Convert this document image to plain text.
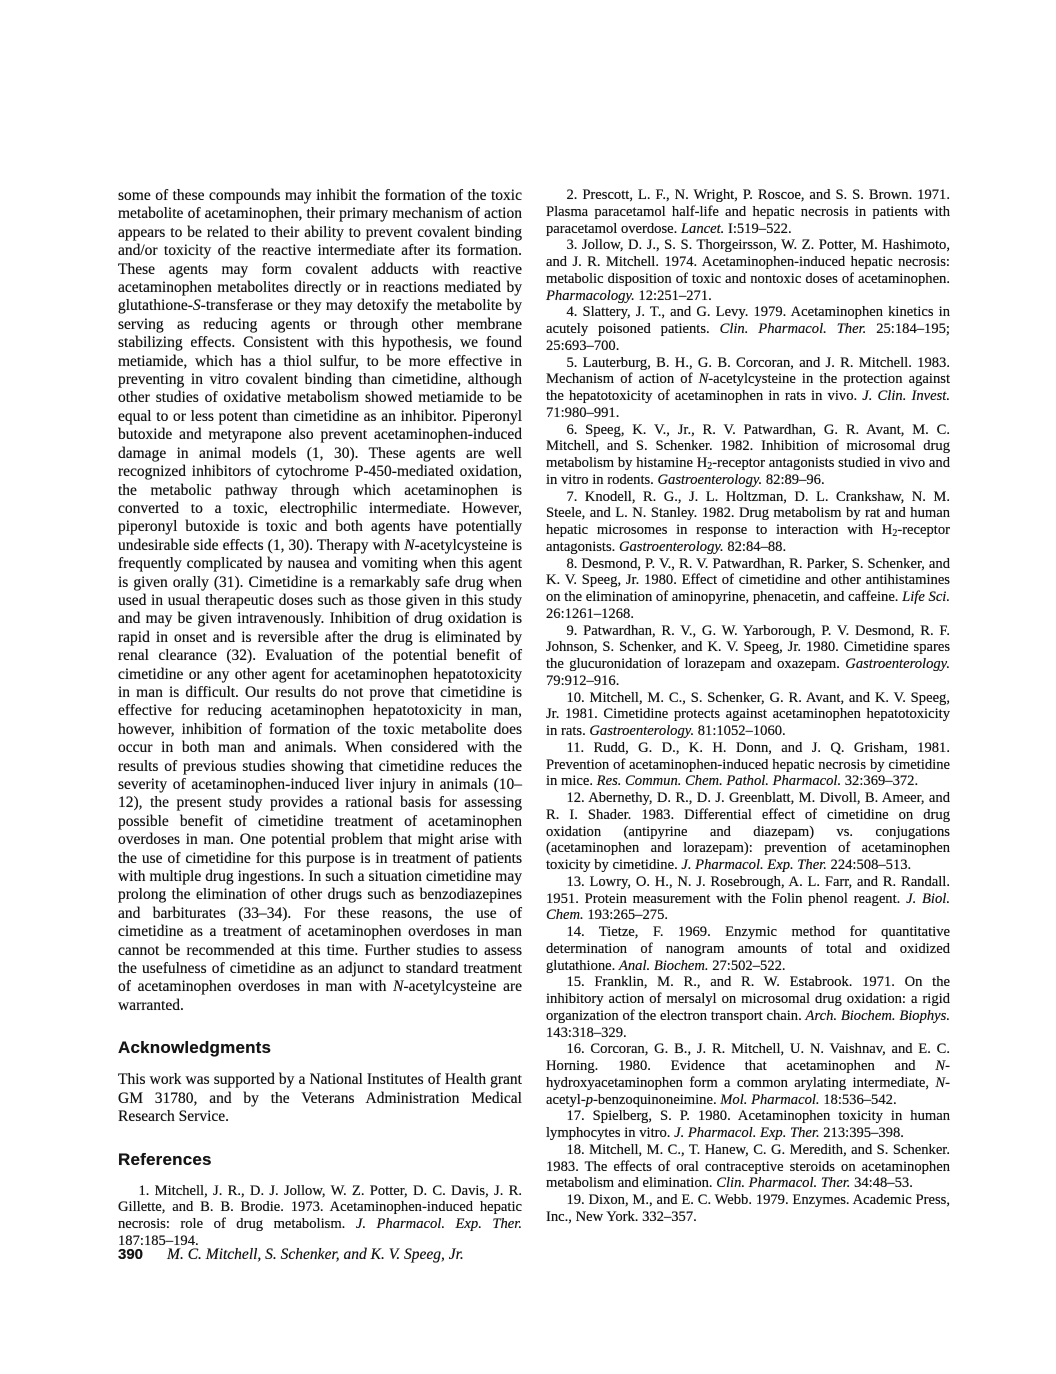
some of these compounds may inhibit the formation of the toxic metabolite of acetaminophen, their primary mechanism of action appears to be related to their ability to prevent covalent binding and/or toxicity of the reactive intermediate after its formation. These agents may form covalent adducts with reactive acetaminophen metabolites directly or in reactions mediated by glutathione-S-transferase or they may detoxify the metabolite by serving as reducing agents or through other membrane stabilizing effects. Consistent with this hypothesis, we found metiamide, which has a thiol sulfur, to be more effective in preventing in vitro covalent binding than cimetidine, although other studies of oxidative metabolism showed metiamide to be equal to or less potent than cimetidine as an inhibitor. Piperonyl butoxide and metyrapone also prevent acetaminophen-induced damage in animal models (1, 30). These agents are well recognized inhibitors of cytochrome P-450-mediated oxidation, the metabolic pathway through which acetaminophen is converted to a toxic, electrophilic intermediate. However, piperonyl butoxide is toxic and both agents have potentially undesirable side effects (1, 30). Therapy with N-acetylcysteine is frequently complicated by nausea and vomiting when this agent is given orally (31). Cimetidine is a remarkably safe drug when used in usual therapeutic doses such as those given in this study and may be given intravenously. Inhibition of drug oxidation is rapid in onset and is reversible after the drug is eliminated by renal clearance (32). Evaluation of the potential benefit of cimetidine or any other agent for acetaminophen hepatotoxicity in man is difficult. Our results do not prove that cimetidine is effective for reducing acetaminophen hepatotoxicity in man, however, inhibition of formation of the toxic metabolite does occur in both man and animals. When considered with the results of previous studies showing that cimetidine reduces the severity of acetaminophen-induced liver injury in animals (10–12), the present study provides a rational basis for assessing possible benefit of cimetidine treatment of acetaminophen overdoses in man. One potential problem that might arise with the use of cimetidine for this purpose is in treatment of patients with multiple drug ingestions. In such a situation cimetidine may prolong the elimination of other drugs such as benzodiazepines and barbiturates (33–34). For these reasons, the use of cimetidine as a treatment of acetaminophen overdoses in man cannot be recommended at this time. Further studies to assess the usefulness of cimetidine as an adjunct to standard treatment of acetaminophen overdoses in man with N-acetylcysteine are warranted.

Acknowledgments

This work was supported by a National Institutes of Health grant GM 31780, and by the Veterans Administration Medical Research Service.

References

1. Mitchell, J. R., D. J. Jollow, W. Z. Potter, D. C. Davis, J. R. Gillette, and B. B. Brodie. 1973. Acetaminophen-induced hepatic necrosis: role of drug metabolism. J. Pharmacol. Exp. Ther. 187:185–194.

2. Prescott, L. F., N. Wright, P. Roscoe, and S. S. Brown. 1971. Plasma paracetamol half-life and hepatic necrosis in patients with paracetamol overdose. Lancet. I:519–522.

3. Jollow, D. J., S. S. Thorgeirsson, W. Z. Potter, M. Hashimoto, and J. R. Mitchell. 1974. Acetaminophen-induced hepatic necrosis: metabolic disposition of toxic and nontoxic doses of acetaminophen. Pharmacology. 12:251–271.

4. Slattery, J. T., and G. Levy. 1979. Acetaminophen kinetics in acutely poisoned patients. Clin. Pharmacol. Ther. 25:184–195; 25:693–700.

5. Lauterburg, B. H., G. B. Corcoran, and J. R. Mitchell. 1983. Mechanism of action of N-acetylcysteine in the protection against the hepatotoxicity of acetaminophen in rats in vivo. J. Clin. Invest. 71:980–991.

6. Speeg, K. V., Jr., R. V. Patwardhan, G. R. Avant, M. C. Mitchell, and S. Schenker. 1982. Inhibition of microsomal drug metabolism by histamine $H_2$-receptor antagonists studied in vivo and in vitro in rodents. Gastroenterology. 82:89–96.

7. Knodell, R. G., J. L. Holtzman, D. L. Crankshaw, N. M. Steele, and L. N. Stanley. 1982. Drug metabolism by rat and human hepatic microsomes in response to interaction with $H_2$-receptor antagonists. Gastroenterology. 82:84–88.

8. Desmond, P. V., R. V. Patwardhan, R. Parker, S. Schenker, and K. V. Speeg, Jr. 1980. Effect of cimetidine and other antihistamines on the elimination of aminopyrine, phenacetin, and caffeine. Life Sci. 26:1261–1268.

9. Patwardhan, R. V., G. W. Yarborough, P. V. Desmond, R. F. Johnson, S. Schenker, and K. V. Speeg, Jr. 1980. Cimetidine spares the glucuronidation of lorazepam and oxazepam. Gastroenterology. 79:912–916.

10. Mitchell, M. C., S. Schenker, G. R. Avant, and K. V. Speeg, Jr. 1981. Cimetidine protects against acetaminophen hepatotoxicity in rats. Gastroenterology. 81:1052–1060.

11. Rudd, G. D., K. H. Donn, and J. Q. Grisham, 1981. Prevention of acetaminophen-induced hepatic necrosis by cimetidine in mice. Res. Commun. Chem. Pathol. Pharmacol. 32:369–372.

12. Abernethy, D. R., D. J. Greenblatt, M. Divoll, B. Ameer, and R. I. Shader. 1983. Differential effect of cimetidine on drug oxidation (antipyrine and diazepam) vs. conjugations (acetaminophen and lorazepam): prevention of acetaminophen toxicity by cimetidine. J. Pharmacol. Exp. Ther. 224:508–513.

13. Lowry, O. H., N. J. Rosebrough, A. L. Farr, and R. Randall. 1951. Protein measurement with the Folin phenol reagent. J. Biol. Chem. 193:265–275.

14. Tietze, F. 1969. Enzymic method for quantitative determination of nanogram amounts of total and oxidized glutathione. Anal. Biochem. 27:502–522.

15. Franklin, M. R., and R. W. Estabrook. 1971. On the inhibitory action of mersalyl on microsomal drug oxidation: a rigid organization of the electron transport chain. Arch. Biochem. Biophys. 143:318–329.

16. Corcoran, G. B., J. R. Mitchell, U. N. Vaishnav, and E. C. Horning. 1980. Evidence that acetaminophen and N-hydroxyacetaminophen form a common arylating intermediate, N-acetyl-p-benzoquinoneimine. Mol. Pharmacol. 18:536–542.

17. Spielberg, S. P. 1980. Acetaminophen toxicity in human lymphocytes in vitro. J. Pharmacol. Exp. Ther. 213:395–398.

18. Mitchell, M. C., T. Hanew, C. G. Meredith, and S. Schenker. 1983. The effects of oral contraceptive steroids on acetaminophen metabolism and elimination. Clin. Pharmacol. Ther. 34:48–53.

19. Dixon, M., and E. C. Webb. 1979. Enzymes. Academic Press, Inc., New York. 332–357.

390 M. C. Mitchell, S. Schenker, and K. V. Speeg, Jr.
